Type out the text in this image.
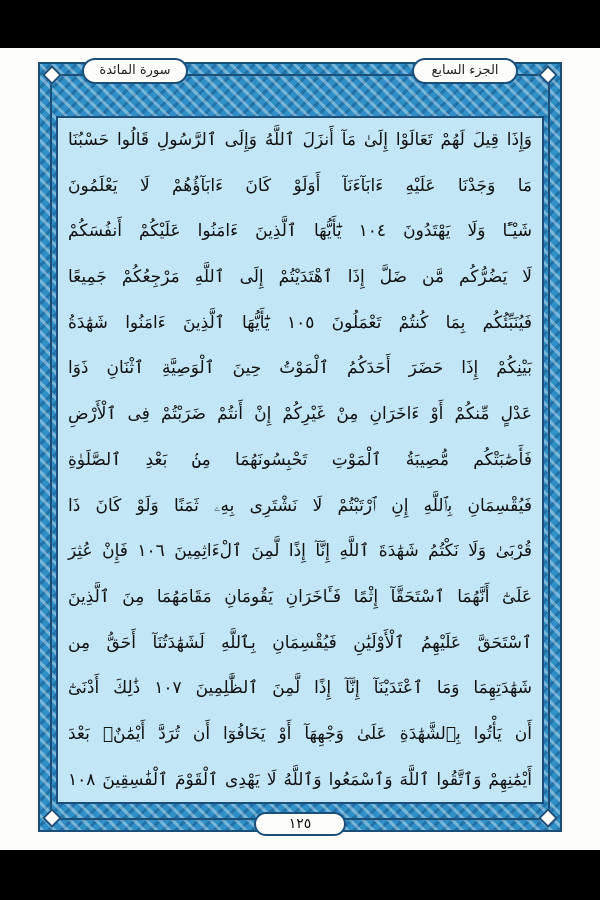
الجزء السابع
سورة المائدة
وَإِذَا قِيلَ لَهُمْ تَعَالَوْا إِلَىٰ مَآ أَنزَلَ ٱللَّهُ وَإِلَى ٱلرَّسُولِ قَالُوا حَسْبُنَا
مَا وَجَدْنَا عَلَيْهِ ءَابَآءَنَآ أَوَلَوْ كَانَ ءَابَآؤُهُمْ لَا يَعْلَمُونَ
شَيْـًٔا وَلَا يَهْتَدُونَ ١٠٤ يَٰٓأَيُّهَا ٱلَّذِينَ ءَامَنُوا عَلَيْكُمْ أَنفُسَكُمْ
لَا يَضُرُّكُم مَّن ضَلَّ إِذَا ٱهْتَدَيْتُمْ إِلَى ٱللَّهِ مَرْجِعُكُمْ جَمِيعًا
فَيُنَبِّئُكُم بِمَا كُنتُمْ تَعْمَلُونَ ١٠٥ يَٰٓأَيُّهَا ٱلَّذِينَ ءَامَنُوا شَهَٰدَةُ
بَيْنِكُمْ إِذَا حَضَرَ أَحَدَكُمُ ٱلْمَوْتُ حِينَ ٱلْوَصِيَّةِ ٱثْنَانِ ذَوَا
عَدْلٍ مِّنكُمْ أَوْ ءَاخَرَانِ مِنْ غَيْرِكُمْ إِنْ أَنتُمْ ضَرَبْتُمْ فِى ٱلْأَرْضِ
فَأَصَٰبَتْكُم مُّصِيبَةُ ٱلْمَوْتِ تَحْبِسُونَهُمَا مِنۢ بَعْدِ ٱلصَّلَوٰةِ
فَيُقْسِمَانِ بِٱللَّهِ إِنِ ٱرْتَبْتُمْ لَا نَشْتَرِى بِهِۦ ثَمَنًا وَلَوْ كَانَ ذَا
قُرْبَىٰ وَلَا نَكْتُمُ شَهَٰدَةَ ٱللَّهِ إِنَّآ إِذًا لَّمِنَ ٱلْءَاثِمِينَ ١٠٦ فَإِنْ عُثِرَ
عَلَىٰٓ أَنَّهُمَا ٱسْتَحَقَّآ إِثْمًا فَـَٔاخَرَانِ يَقُومَانِ مَقَامَهُمَا مِنَ ٱلَّذِينَ
ٱسْتَحَقَّ عَلَيْهِمُ ٱلْأَوْلَيَٰنِ فَيُقْسِمَانِ بِٱللَّهِ لَشَهَٰدَتُنَآ أَحَقُّ مِن
شَهَٰدَتِهِمَا وَمَا ٱعْتَدَيْنَآ إِنَّآ إِذًا لَّمِنَ ٱلظَّٰلِمِينَ ١٠٧ ذَٰلِكَ أَدْنَىٰٓ
أَن يَأْتُوا بِٱلشَّهَٰدَةِ عَلَىٰ وَجْهِهَآ أَوْ يَخَافُوٓا أَن تُرَدَّ أَيْمَٰنٌۢ بَعْدَ
أَيْمَٰنِهِمْ وَٱتَّقُوا ٱللَّهَ وَٱسْمَعُوا وَٱللَّهُ لَا يَهْدِى ٱلْقَوْمَ ٱلْفَٰسِقِينَ ١٠٨
١٢٥
